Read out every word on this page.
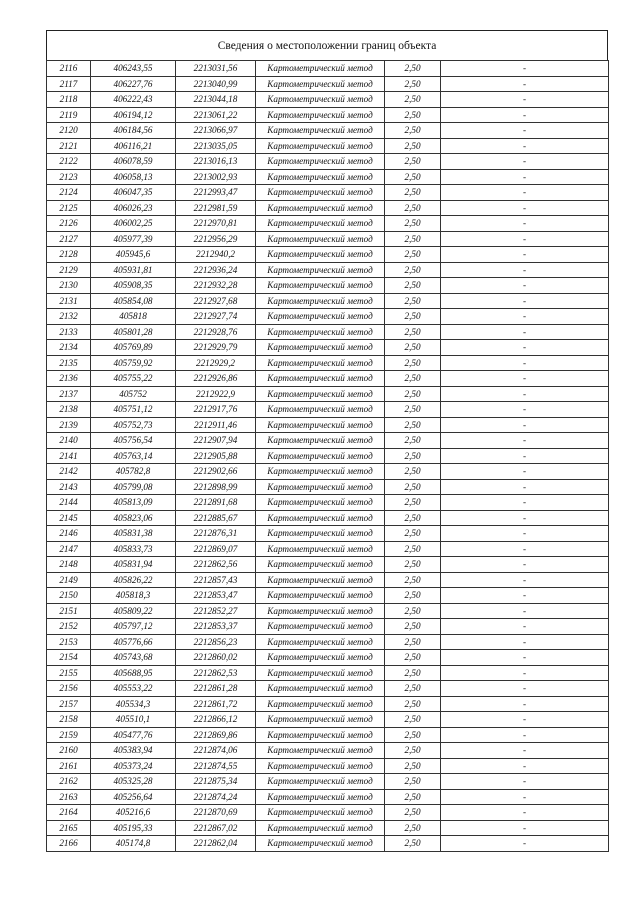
Сведения о местоположении границ объекта
2116	406243,55	2213031,56	Картометрический метод	2,50	-
2117	406227,76	2213040,99	Картометрический метод	2,50	-
2118	406222,43	2213044,18	Картометрический метод	2,50	-
2119	406194,12	2213061,22	Картометрический метод	2,50	-
2120	406184,56	2213066,97	Картометрический метод	2,50	-
2121	406116,21	2213035,05	Картометрический метод	2,50	-
2122	406078,59	2213016,13	Картометрический метод	2,50	-
2123	406058,13	2213002,93	Картометрический метод	2,50	-
2124	406047,35	2212993,47	Картометрический метод	2,50	-
2125	406026,23	2212981,59	Картометрический метод	2,50	-
2126	406002,25	2212970,81	Картометрический метод	2,50	-
2127	405977,39	2212956,29	Картометрический метод	2,50	-
2128	405945,6	2212940,2	Картометрический метод	2,50	-
2129	405931,81	2212936,24	Картометрический метод	2,50	-
2130	405908,35	2212932,28	Картометрический метод	2,50	-
2131	405854,08	2212927,68	Картометрический метод	2,50	-
2132	405818	2212927,74	Картометрический метод	2,50	-
2133	405801,28	2212928,76	Картометрический метод	2,50	-
2134	405769,89	2212929,79	Картометрический метод	2,50	-
2135	405759,92	2212929,2	Картометрический метод	2,50	-
2136	405755,22	2212926,86	Картометрический метод	2,50	-
2137	405752	2212922,9	Картометрический метод	2,50	-
2138	405751,12	2212917,76	Картометрический метод	2,50	-
2139	405752,73	2212911,46	Картометрический метод	2,50	-
2140	405756,54	2212907,94	Картометрический метод	2,50	-
2141	405763,14	2212905,88	Картометрический метод	2,50	-
2142	405782,8	2212902,66	Картометрический метод	2,50	-
2143	405799,08	2212898,99	Картометрический метод	2,50	-
2144	405813,09	2212891,68	Картометрический метод	2,50	-
2145	405823,06	2212885,67	Картометрический метод	2,50	-
2146	405831,38	2212876,31	Картометрический метод	2,50	-
2147	405833,73	2212869,07	Картометрический метод	2,50	-
2148	405831,94	2212862,56	Картометрический метод	2,50	-
2149	405826,22	2212857,43	Картометрический метод	2,50	-
2150	405818,3	2212853,47	Картометрический метод	2,50	-
2151	405809,22	2212852,27	Картометрический метод	2,50	-
2152	405797,12	2212853,37	Картометрический метод	2,50	-
2153	405776,66	2212856,23	Картометрический метод	2,50	-
2154	405743,68	2212860,02	Картометрический метод	2,50	-
2155	405688,95	2212862,53	Картометрический метод	2,50	-
2156	405553,22	2212861,28	Картометрический метод	2,50	-
2157	405534,3	2212861,72	Картометрический метод	2,50	-
2158	405510,1	2212866,12	Картометрический метод	2,50	-
2159	405477,76	2212869,86	Картометрический метод	2,50	-
2160	405383,94	2212874,06	Картометрический метод	2,50	-
2161	405373,24	2212874,55	Картометрический метод	2,50	-
2162	405325,28	2212875,34	Картометрический метод	2,50	-
2163	405256,64	2212874,24	Картометрический метод	2,50	-
2164	405216,6	2212870,69	Картометрический метод	2,50	-
2165	405195,33	2212867,02	Картометрический метод	2,50	-
2166	405174,8	2212862,04	Картометрический метод	2,50	-
